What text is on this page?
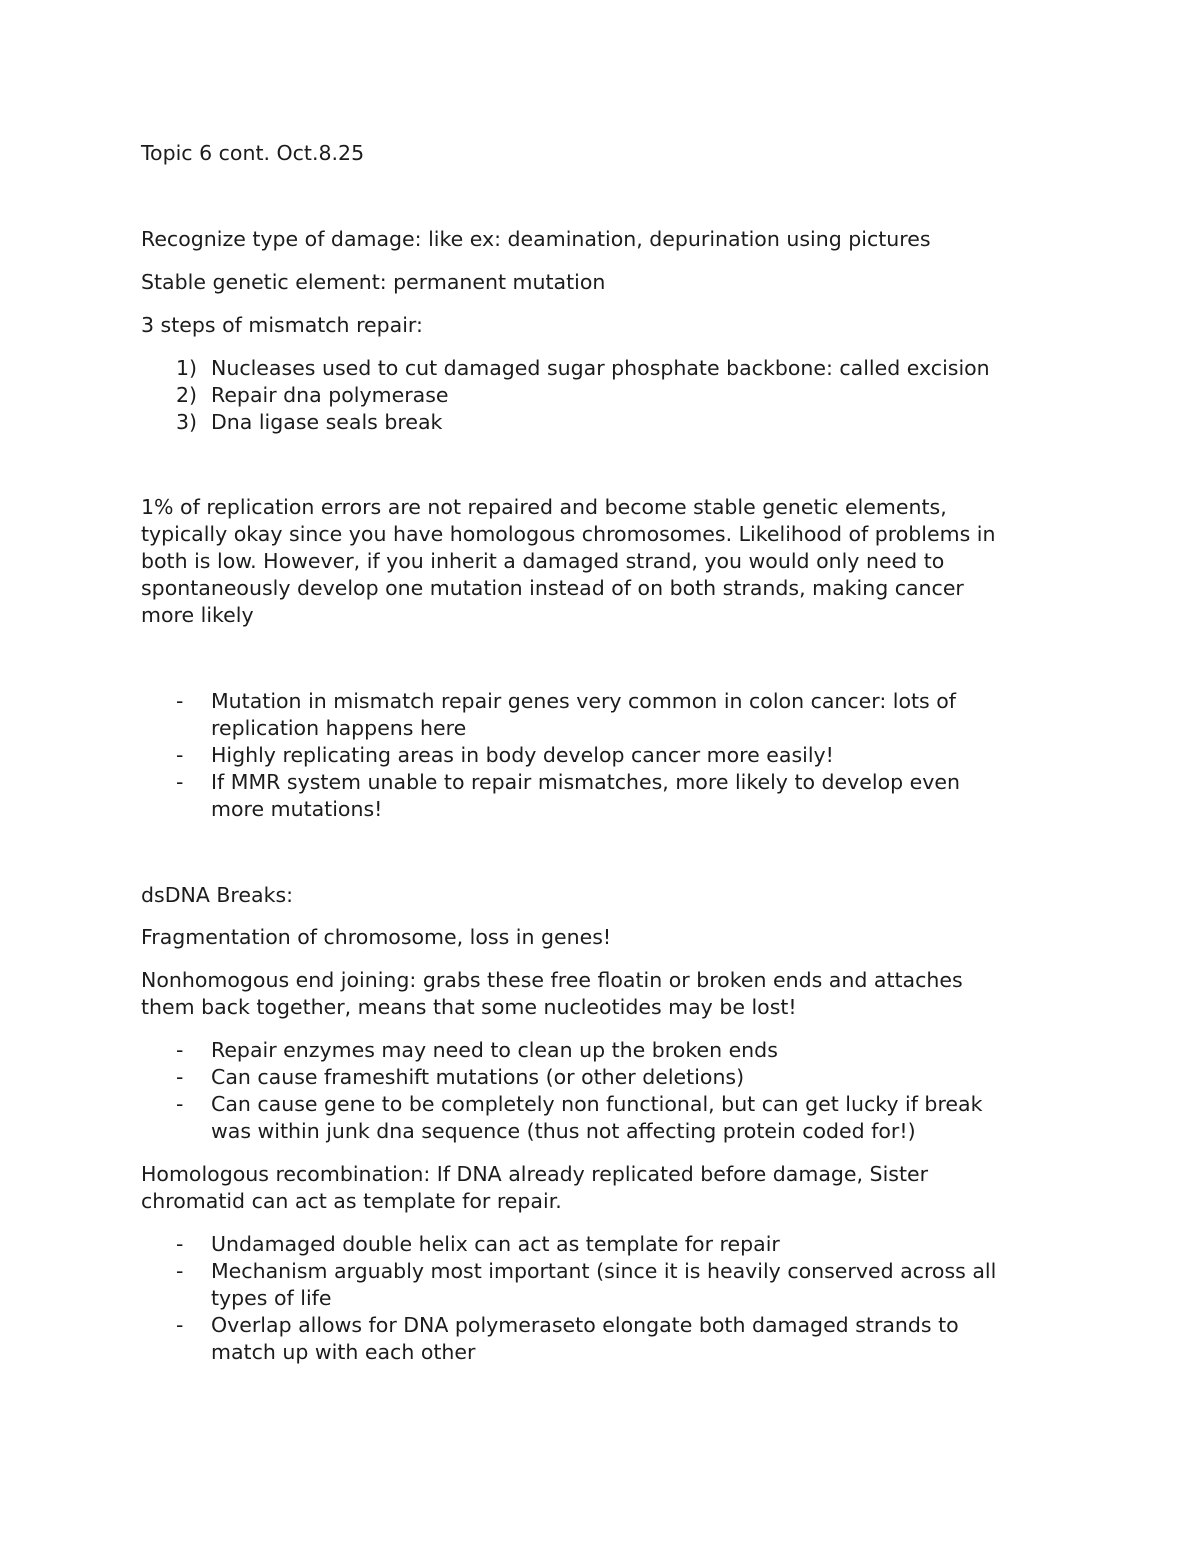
Topic 6 cont. Oct.8.25
Recognize type of damage: like ex: deamination, depurination using pictures
Stable genetic element: permanent mutation
3 steps of mismatch repair:
1) Nucleases used to cut damaged sugar phosphate backbone: called excision
2) Repair dna polymerase
3) Dna ligase seals break
1% of replication errors are not repaired and become stable genetic elements,
typically okay since you have homologous chromosomes. Likelihood of problems in
both is low. However, if you inherit a damaged strand, you would only need to
spontaneously develop one mutation instead of on both strands, making cancer
more likely
- Mutation in mismatch repair genes very common in colon cancer: lots of
replication happens here
- Highly replicating areas in body develop cancer more easily!
- If MMR system unable to repair mismatches, more likely to develop even
more mutations!
dsDNA Breaks:
Fragmentation of chromosome, loss in genes!
Nonhomogous end joining: grabs these free floatin or broken ends and attaches
them back together, means that some nucleotides may be lost!
- Repair enzymes may need to clean up the broken ends
- Can cause frameshift mutations (or other deletions)
- Can cause gene to be completely non functional, but can get lucky if break
was within junk dna sequence (thus not affecting protein coded for!)
Homologous recombination: If DNA already replicated before damage, Sister
chromatid can act as template for repair.
- Undamaged double helix can act as template for repair
- Mechanism arguably most important (since it is heavily conserved across all
types of life
- Overlap allows for DNA polymeraseto elongate both damaged strands to
match up with each other
